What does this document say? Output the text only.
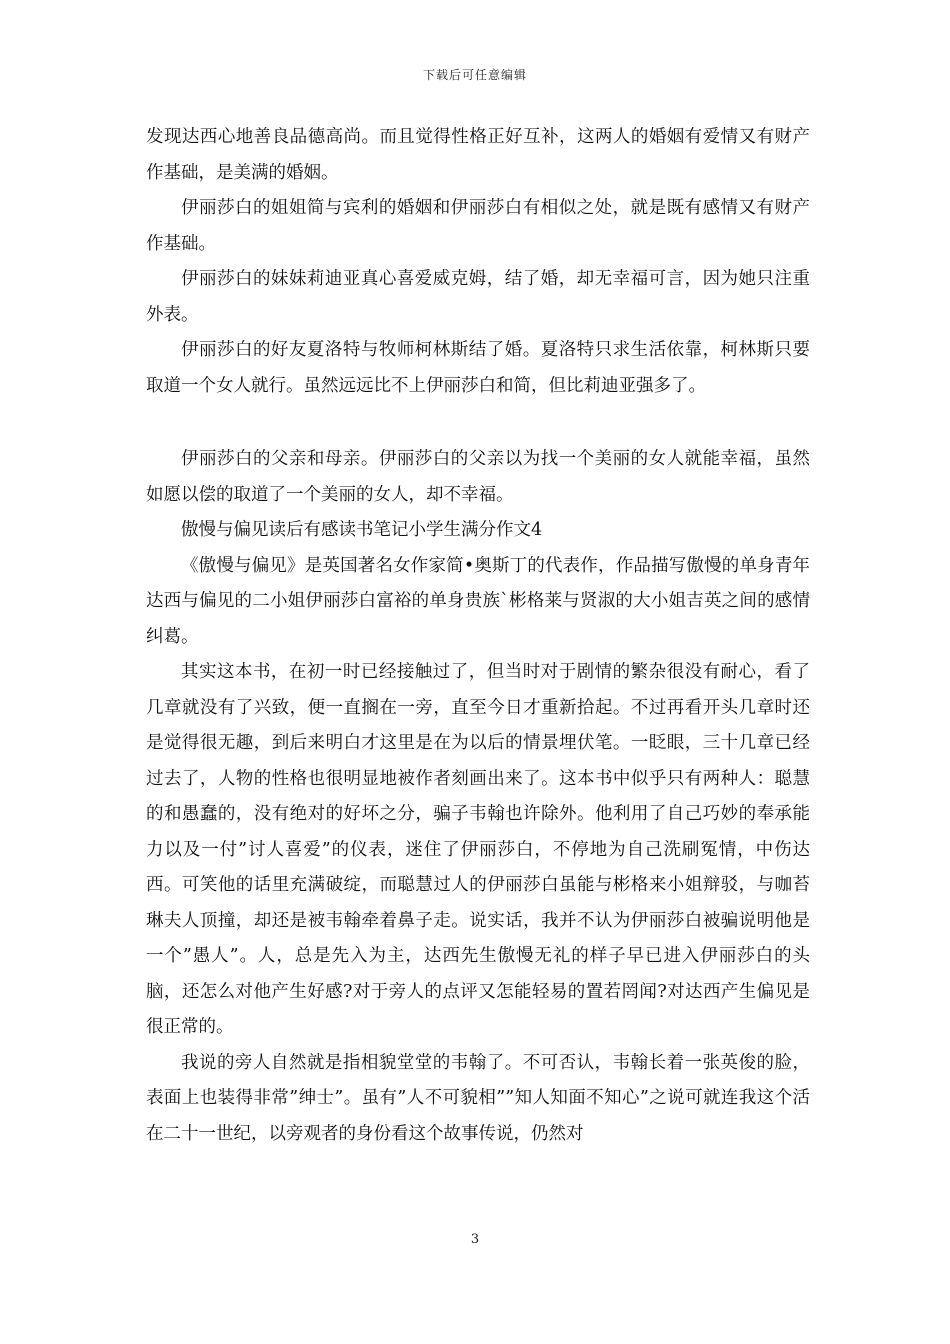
下载后可任意编辑

发现达西心地善良品德高尚。而且觉得性格正好互补，这两人的婚姻有爱情又有财产作基础，是美满的婚姻。

伊丽莎白的姐姐简与宾利的婚姻和伊丽莎白有相似之处，就是既有感情又有财产作基础。

伊丽莎白的妹妹莉迪亚真心喜爱威克姆，结了婚，却无幸福可言，因为她只注重外表。

伊丽莎白的好友夏洛特与牧师柯林斯结了婚。夏洛特只求生活依靠，柯林斯只要取道一个女人就行。虽然远远比不上伊丽莎白和简，但比莉迪亚强多了。

伊丽莎白的父亲和母亲。伊丽莎白的父亲以为找一个美丽的女人就能幸福，虽然如愿以偿的取道了一个美丽的女人，却不幸福。

傲慢与偏见读后有感读书笔记小学生满分作文4

《傲慢与偏见》是英国著名女作家简•奥斯丁的代表作，作品描写傲慢的单身青年达西与偏见的二小姐伊丽莎白富裕的单身贵族`彬格莱与贤淑的大小姐吉英之间的感情纠葛。

其实这本书，在初一时已经接触过了，但当时对于剧情的繁杂很没有耐心，看了几章就没有了兴致，便一直搁在一旁，直至今日才重新拾起。不过再看开头几章时还是觉得很无趣，到后来明白才这里是在为以后的情景埋伏笔。一眨眼，三十几章已经过去了，人物的性格也很明显地被作者刻画出来了。这本书中似乎只有两种人：聪慧的和愚蠢的，没有绝对的好坏之分，骗子韦翰也许除外。他利用了自己巧妙的奉承能力以及一付”讨人喜爱”的仪表，迷住了伊丽莎白，不停地为自己洗刷冤情，中伤达西。可笑他的话里充满破绽，而聪慧过人的伊丽莎白虽能与彬格来小姐辩驳，与咖苔琳夫人顶撞，却还是被韦翰牵着鼻子走。说实话，我并不认为伊丽莎白被骗说明他是一个”愚人”。人，总是先入为主，达西先生傲慢无礼的样子早已进入伊丽莎白的头脑，还怎么对他产生好感?对于旁人的点评又怎能轻易的置若罔闻?对达西产生偏见是很正常的。

我说的旁人自然就是指相貌堂堂的韦翰了。不可否认，韦翰长着一张英俊的脸，表面上也装得非常”绅士”。虽有”人不可貌相””知人知面不知心”之说可就连我这个活在二十一世纪，以旁观者的身份看这个故事传说，仍然对

3
